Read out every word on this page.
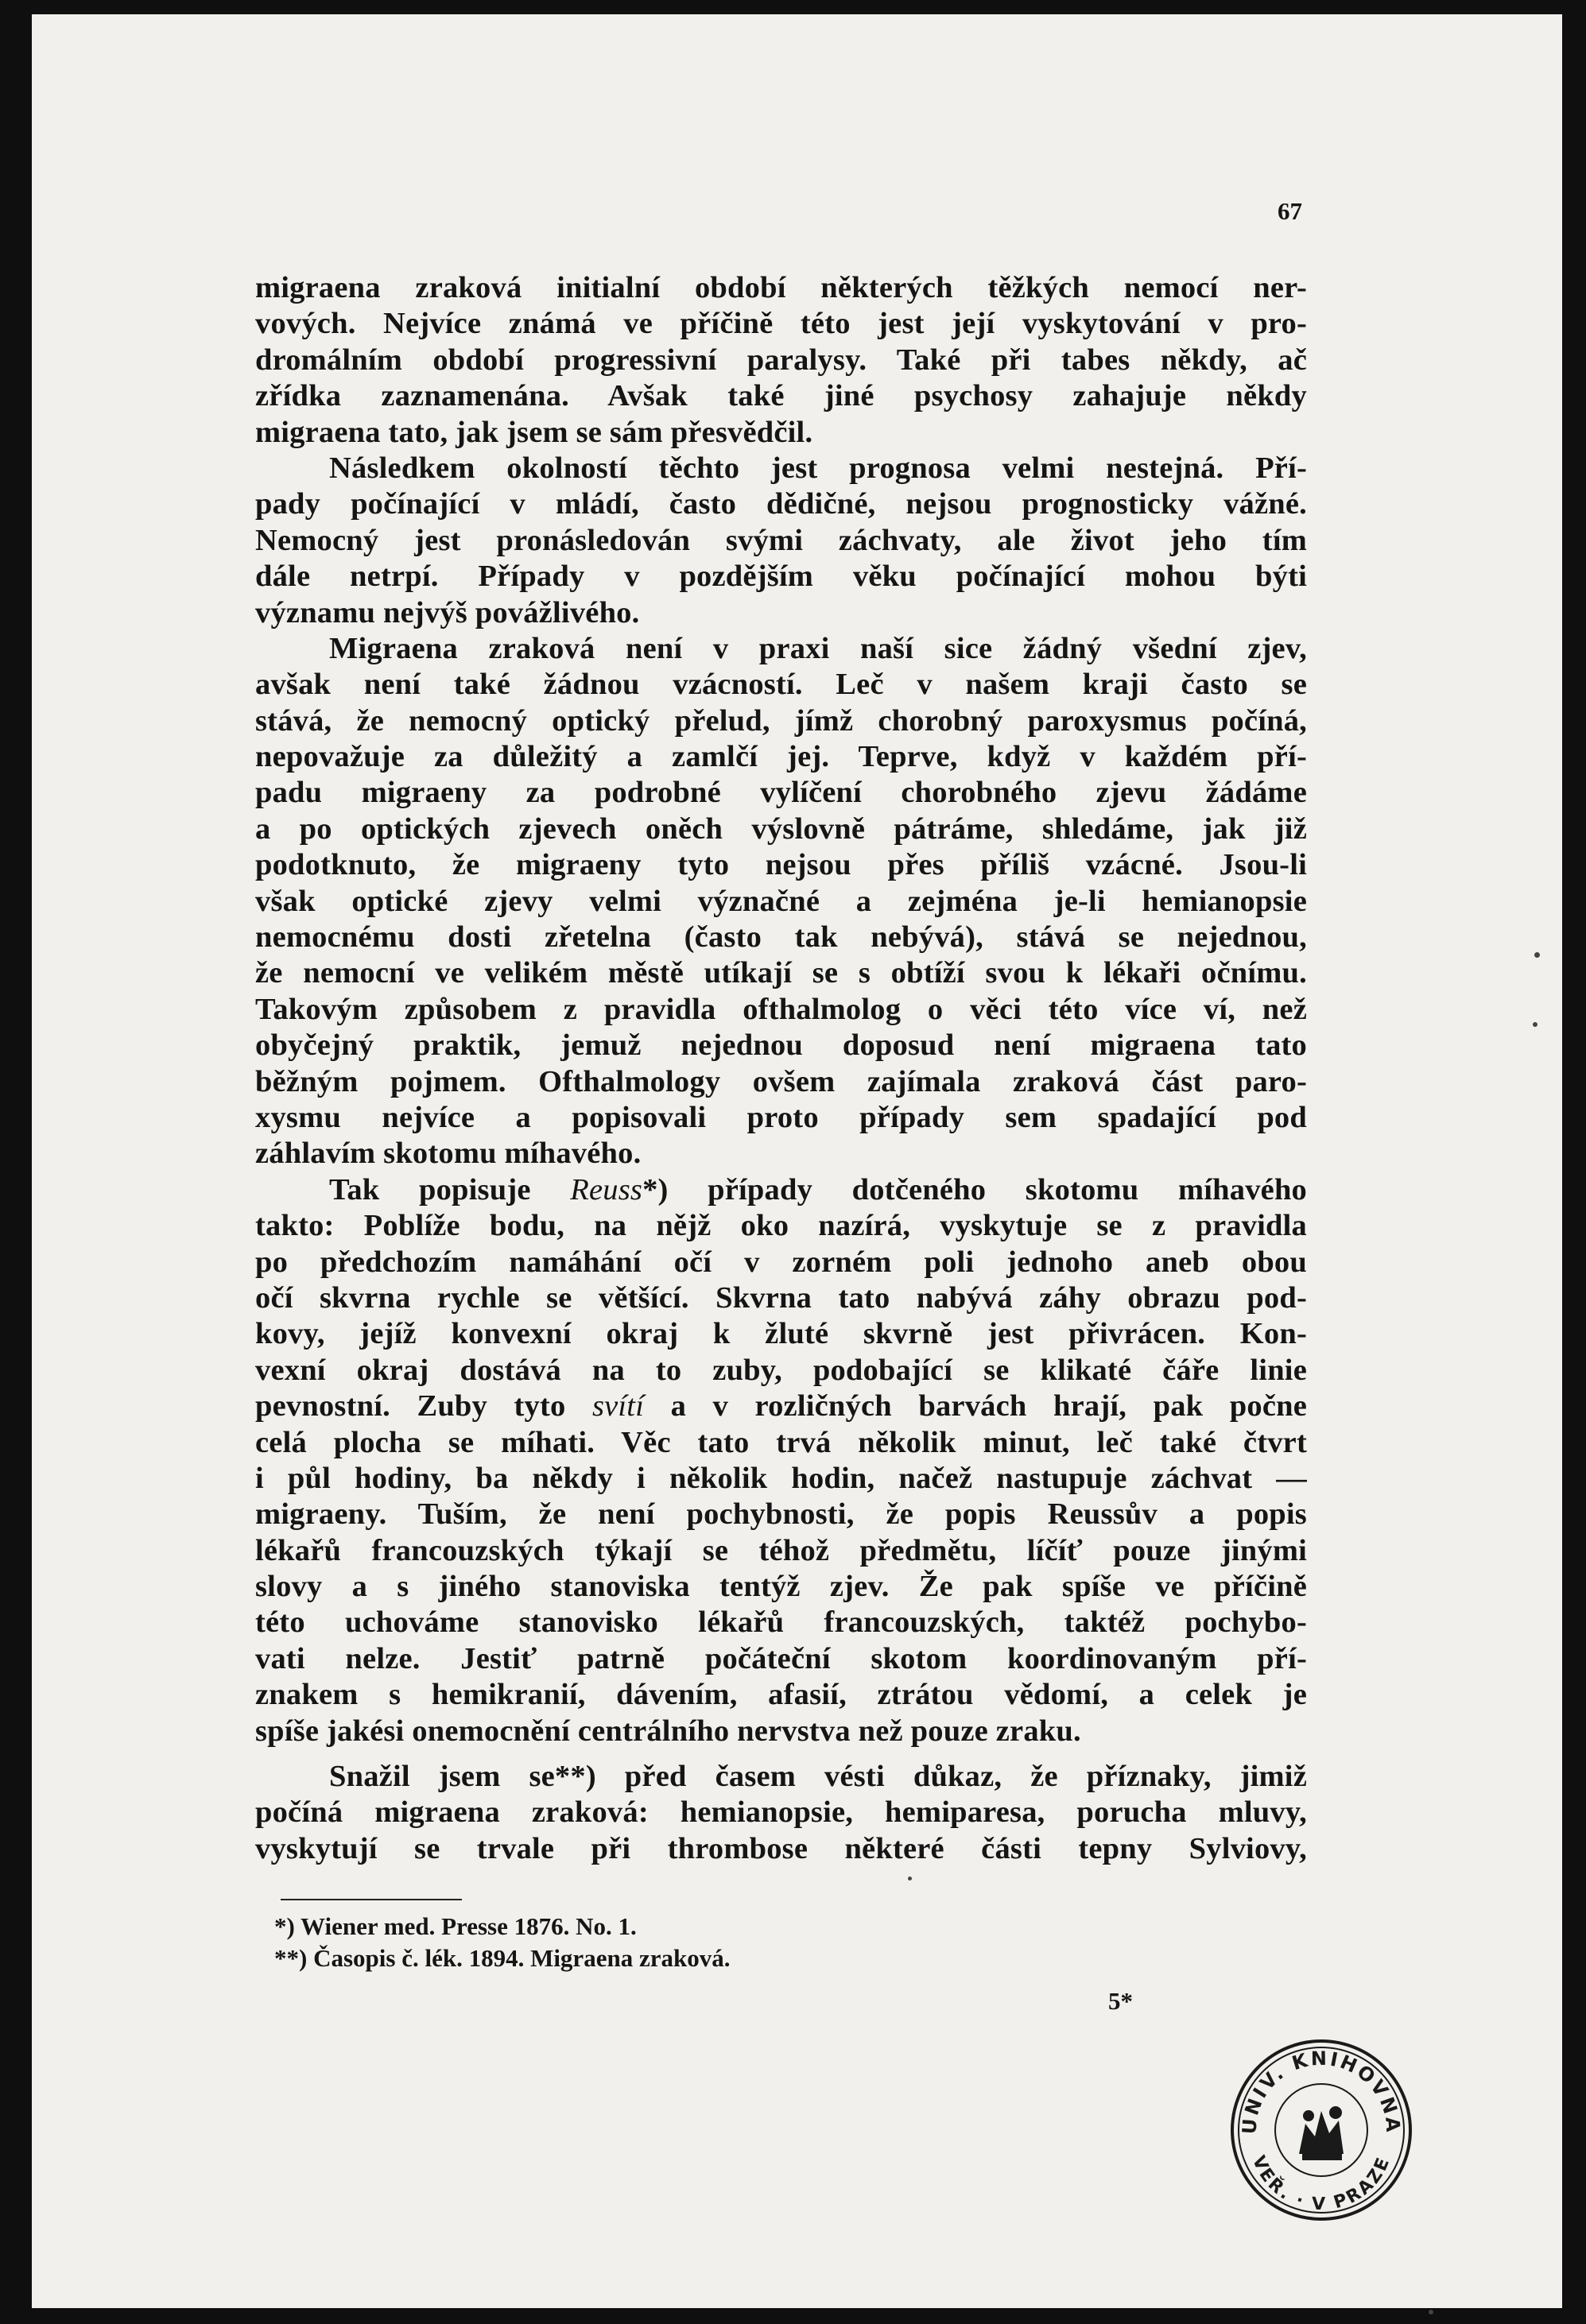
67

migraena zraková initialní období některých těžkých nemocí ner-
vových. Nejvíce známá ve příčině této jest její vyskytování v pro-
dromálním období progressivní paralysy. Také při tabes někdy, ač
zřídka zaznamenána. Avšak také jiné psychosy zahajuje někdy
migraena tato, jak jsem se sám přesvědčil.

Následkem okolností těchto jest prognosa velmi nestejná. Pří-
pady počínající v mládí, často dědičné, nejsou prognosticky vážné.
Nemocný jest pronásledován svými záchvaty, ale život jeho tím
dále netrpí. Případy v pozdějším věku počínající mohou býti
významu nejvýš povážlivého.

Migraena zraková není v praxi naší sice žádný všední zjev,
avšak není také žádnou vzácností. Leč v našem kraji často se
stává, že nemocný optický přelud, jímž chorobný paroxysmus počíná,
nepovažuje za důležitý a zamlčí jej. Teprve, když v každém pří-
padu migraeny za podrobné vylíčení chorobného zjevu žádáme
a po optických zjevech oněch výslovně pátráme, shledáme, jak již
podotknuto, že migraeny tyto nejsou přes příliš vzácné. Jsou-li
však optické zjevy velmi význačné a zejména je-li hemianopsie
nemocnému dosti zřetelna (často tak nebývá), stává se nejednou,
že nemocní ve velikém městě utíkají se s obtíží svou k lékaři očnímu.
Takovým způsobem z pravidla ofthalmolog o věci této více ví, než
obyčejný praktik, jemuž nejednou doposud není migraena tato
běžným pojmem. Ofthalmology ovšem zajímala zraková část paro-
xysmu nejvíce a popisovali proto případy sem spadající pod
záhlavím skotomu míhavého.

Tak popisuje Reuss*) případy dotčeného skotomu míhavého
takto: Poblíže bodu, na nějž oko nazírá, vyskytuje se z pravidla
po předchozím namáhání očí v zorném poli jednoho aneb obou
očí skvrna rychle se většící. Skvrna tato nabývá záhy obrazu pod-
kovy, jejíž konvexní okraj k žluté skvrně jest přivrácen. Kon-
vexní okraj dostává na to zuby, podobající se klikaté čáře linie
pevnostní. Zuby tyto svítí a v rozličných barvách hrají, pak počne
celá plocha se míhati. Věc tato trvá několik minut, leč také čtvrt
i půl hodiny, ba někdy i několik hodin, načež nastupuje záchvat —
migraeny. Tuším, že není pochybnosti, že popis Reussův a popis
lékařů francouzských týkají se téhož předmětu, líčíť pouze jinými
slovy a s jiného stanoviska tentýž zjev. Že pak spíše ve příčině
této uchováme stanovisko lékařů francouzských, taktéž pochybo-
vati nelze. Jestiť patrně počáteční skotom koordinovaným pří-
znakem s hemikranií, dávením, afasií, ztrátou vědomí, a celek je
spíše jakési onemocnění centrálního nervstva než pouze zraku.

Snažil jsem se**) před časem vésti důkaz, že příznaky, jimiž
počíná migraena zraková: hemianopsie, hemiparesa, porucha mluvy,
vyskytují se trvale při thrombose některé části tepny Sylviovy,

*) Wiener med. Presse 1876. No. 1.
**) Časopis č. lék. 1894. Migraena zraková.
5*
UNIV. KNIHOVNA
VEŘ. · V PRAZE
